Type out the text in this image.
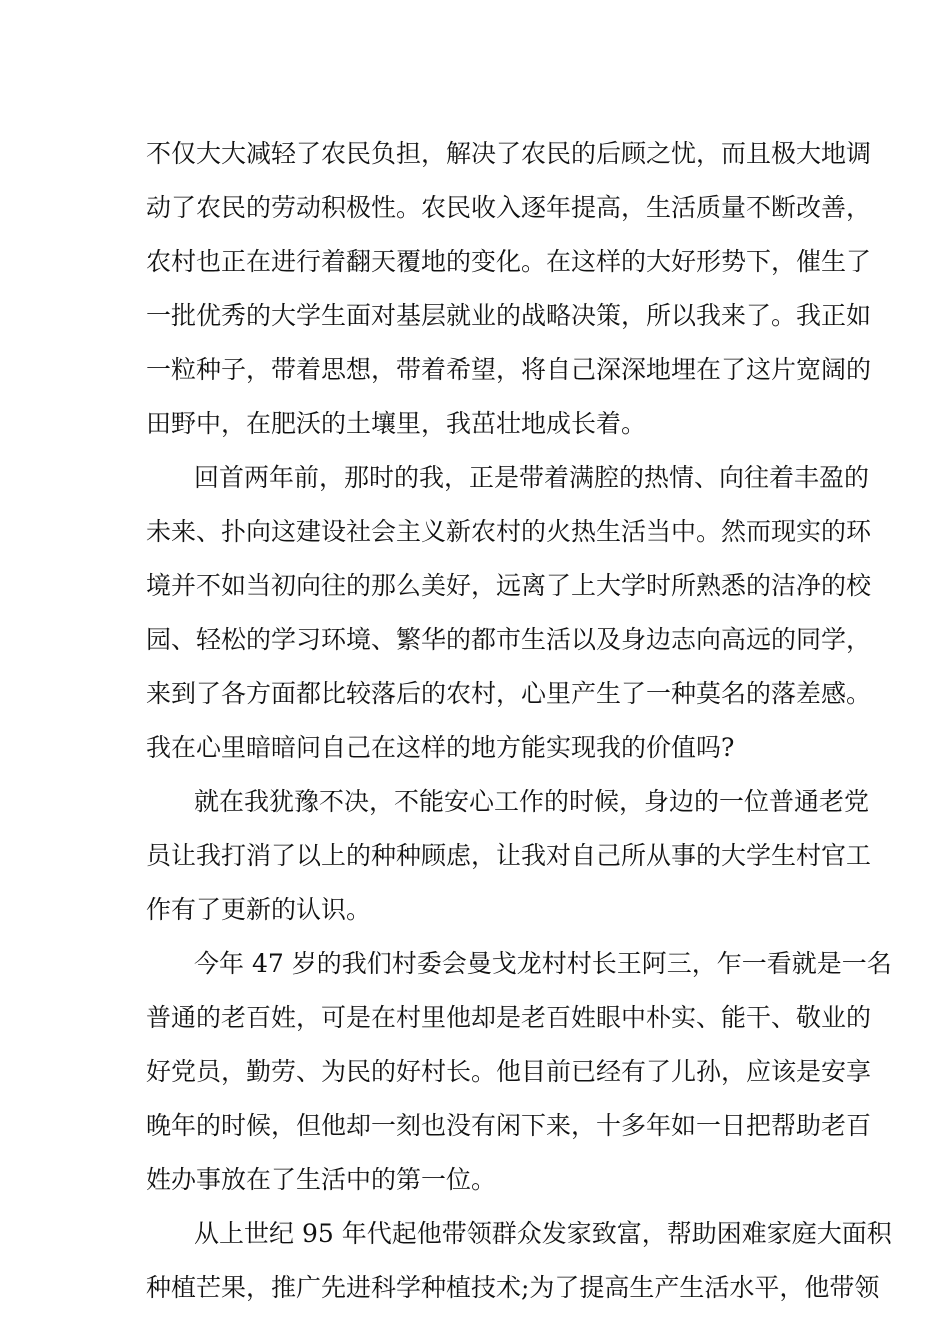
不仅大大减轻了农民负担，解决了农民的后顾之忧，而且极大地调
动了农民的劳动积极性。农民收入逐年提高，生活质量不断改善，
农村也正在进行着翻天覆地的变化。在这样的大好形势下，催生了
一批优秀的大学生面对基层就业的战略决策，所以我来了。我正如
一粒种子，带着思想，带着希望，将自己深深地埋在了这片宽阔的
田野中，在肥沃的土壤里，我茁壮地成长着。
回首两年前，那时的我，正是带着满腔的热情、向往着丰盈的
未来、扑向这建设社会主义新农村的火热生活当中。然而现实的环
境并不如当初向往的那么美好，远离了上大学时所熟悉的洁净的校
园、轻松的学习环境、繁华的都市生活以及身边志向高远的同学，
来到了各方面都比较落后的农村，心里产生了一种莫名的落差感。
我在心里暗暗问自己在这样的地方能实现我的价值吗?
就在我犹豫不决，不能安心工作的时候，身边的一位普通老党
员让我打消了以上的种种顾虑，让我对自己所从事的大学生村官工
作有了更新的认识。
今年 47 岁的我们村委会曼戈龙村村长王阿三，乍一看就是一名
普通的老百姓，可是在村里他却是老百姓眼中朴实、能干、敬业的
好党员，勤劳、为民的好村长。他目前已经有了儿孙，应该是安享
晚年的时候，但他却一刻也没有闲下来，十多年如一日把帮助老百
姓办事放在了生活中的第一位。
从上世纪 95 年代起他带领群众发家致富，帮助困难家庭大面积
种植芒果，推广先进科学种植技术;为了提高生产生活水平，他带领
